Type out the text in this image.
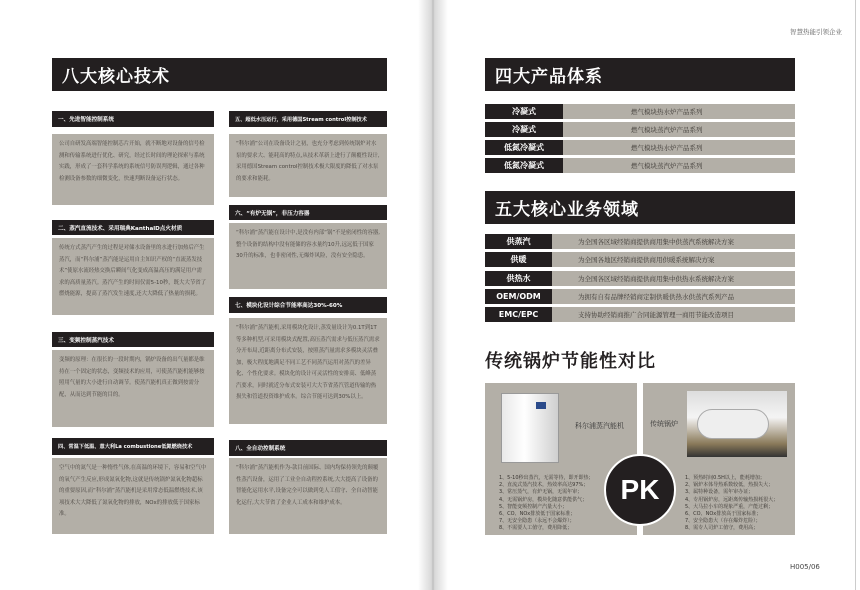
智慧热能引领企业
H005/06
八大核心技术
一、先进智能控制系统
公司自研发高端智能控制芯片开始，就不断地对设备的信号检测和传输系统进行优化、研究，经过长时间的理论探索与系统实践，形成了一套科学系统的系统信号防误判逻辑，通过各种检测设备参数的细微变化，快速判断设备运行状态。
二、蒸汽直流技术、采用瑞典KanthalD点火材质
传统方式蒸汽产生的过程是对储水设备里的水进行加热后产生蒸汽，而“科尔浦”蒸汽能是运用自主知识产权的“直流蒸发技术”使原水流经热交换后瞬间气化变成高温高压的满足用户需求的高质量蒸汽。蒸汽产生的时间仅需5-10秒，既大大节省了燃烧能源，提高了蒸汽发生速度,还大大降低了热量的损耗。
三、变频控制蒸汽技术
变频的原理：在很长的一段时期内，锅炉设备的出气量都是维持在一个固定的状态，变频技术的应用，可使蒸汽能机能够按照用气量的大小进行自动调节。使蒸汽能机真正做到按需分配，从而达到节能的目的。
四、常温下低温、意大利La combustione低氮燃烧技术
空气中的氮气是一种惰性气体,在高温的环境下，容易和空气中的氧气产生反应,形成氮氧化物,这就是传统锅炉氮氧化物超标的重要原因,而“科尔浦”蒸汽能机是采用常态低温燃烧技术,该项技术大大降低了氮氧化物的排放，NOx的排放低于国家标准。
五、超低水压运行，采用德国Stream control控制技术
“科尔浦”公司在设备设计之初，也充分考虑到传统锅炉对水泵的要求大、能耗高的特点,从技术革新上进行了颠覆性设计,采用德国Stream control控制技术极大限度的降低了对水泵的要求和能耗。
六、“有炉无锅”，非压力容器
“科尔浦”蒸汽能在设计中,是没有内部“锅”不是密闭性的容器,整个设备的结构中没有能储的容水量约10升,远远低于国家30升的标准，也非密闭性,无爆炸风险，没有安全隐患。
七、模块化设计综合节能率高达30%-60%
“科尔浦”蒸汽能机,采用模块化设计,蒸发量设计为0.1T到1T等多种机型,可采用模块式配置,高压蒸汽需求与低压蒸汽需求分开布局,近距离分布式安装，按照蒸汽量需求多模块灵活叠加，极大程度地满足不同工艺不同蒸汽运用对蒸汽的差异化、个性化要求。模块化的设计可灵活性的安排高、低峰蒸汽要求，同时就近分布式安装可大大节省蒸汽管道传输的热损失和管道投资维护成本。综合节能可达到30%以上。
八、全自动控制系统
“科尔浦”蒸汽能机作为-款目前国际、国内均保持领先的颠覆性蒸汽设备，运用了工业全自动程控系统,大大提高了设备的智能化运用水平,设备完全可以做到免人工值守、全自动智能化运行,大大节省了企业人工成本和维护成本。
四大产品体系
冷凝式	燃气模块热水炉产品系列
冷凝式	燃气模块蒸汽炉产品系列
低氮冷凝式	燃气模块热水炉产品系列
低氮冷凝式	燃气模块蒸汽炉产品系列
五大核心业务领域
供蒸汽	为全国各区域经销商提供商用集中供蒸汽系统解决方案
供暖	为全国各地区经销商提供商用供暖系统解决方案
供热水	为全国各区域经销商提供商用集中供热水系统解决方案
OEM/ODM	为拥有自有品牌经销商定制供暖供热水供蒸汽系列产品
EMC/EPC	支持协助经销商推广合同能源管理一商用节能改造项目
传统锅炉节能性对比
科尔浦蒸汽能机
1、5-10秒出蒸汽，无需等待，即开即热；
2、直流式蒸汽技术，热效率高达97%；
3、常压蒸气，有炉无锅，无需年审；
4、无需锅炉房，模块化随意供能供气；
5、智能变频控制产汽量大小；
6、CO、NOx排放低于国家标准；
7、无安全隐患（永远不会爆炸）；
8、不需要人工值守，费用降低；
传统锅炉
1、预热时间0.5H以上，能耗增加；
2、锅炉本体导热系数较低，热损失大；
3、属特种设备，需年审办证；
4、专用锅炉房，远距离传输热损耗很大；
5、大马拉小车的现象严重，产能过剩；
6、CO、NOx排放高于国家标准；
7、安全隐患大（存在爆炸危险）；
8、需专人司炉工值守，费用高；
PK
